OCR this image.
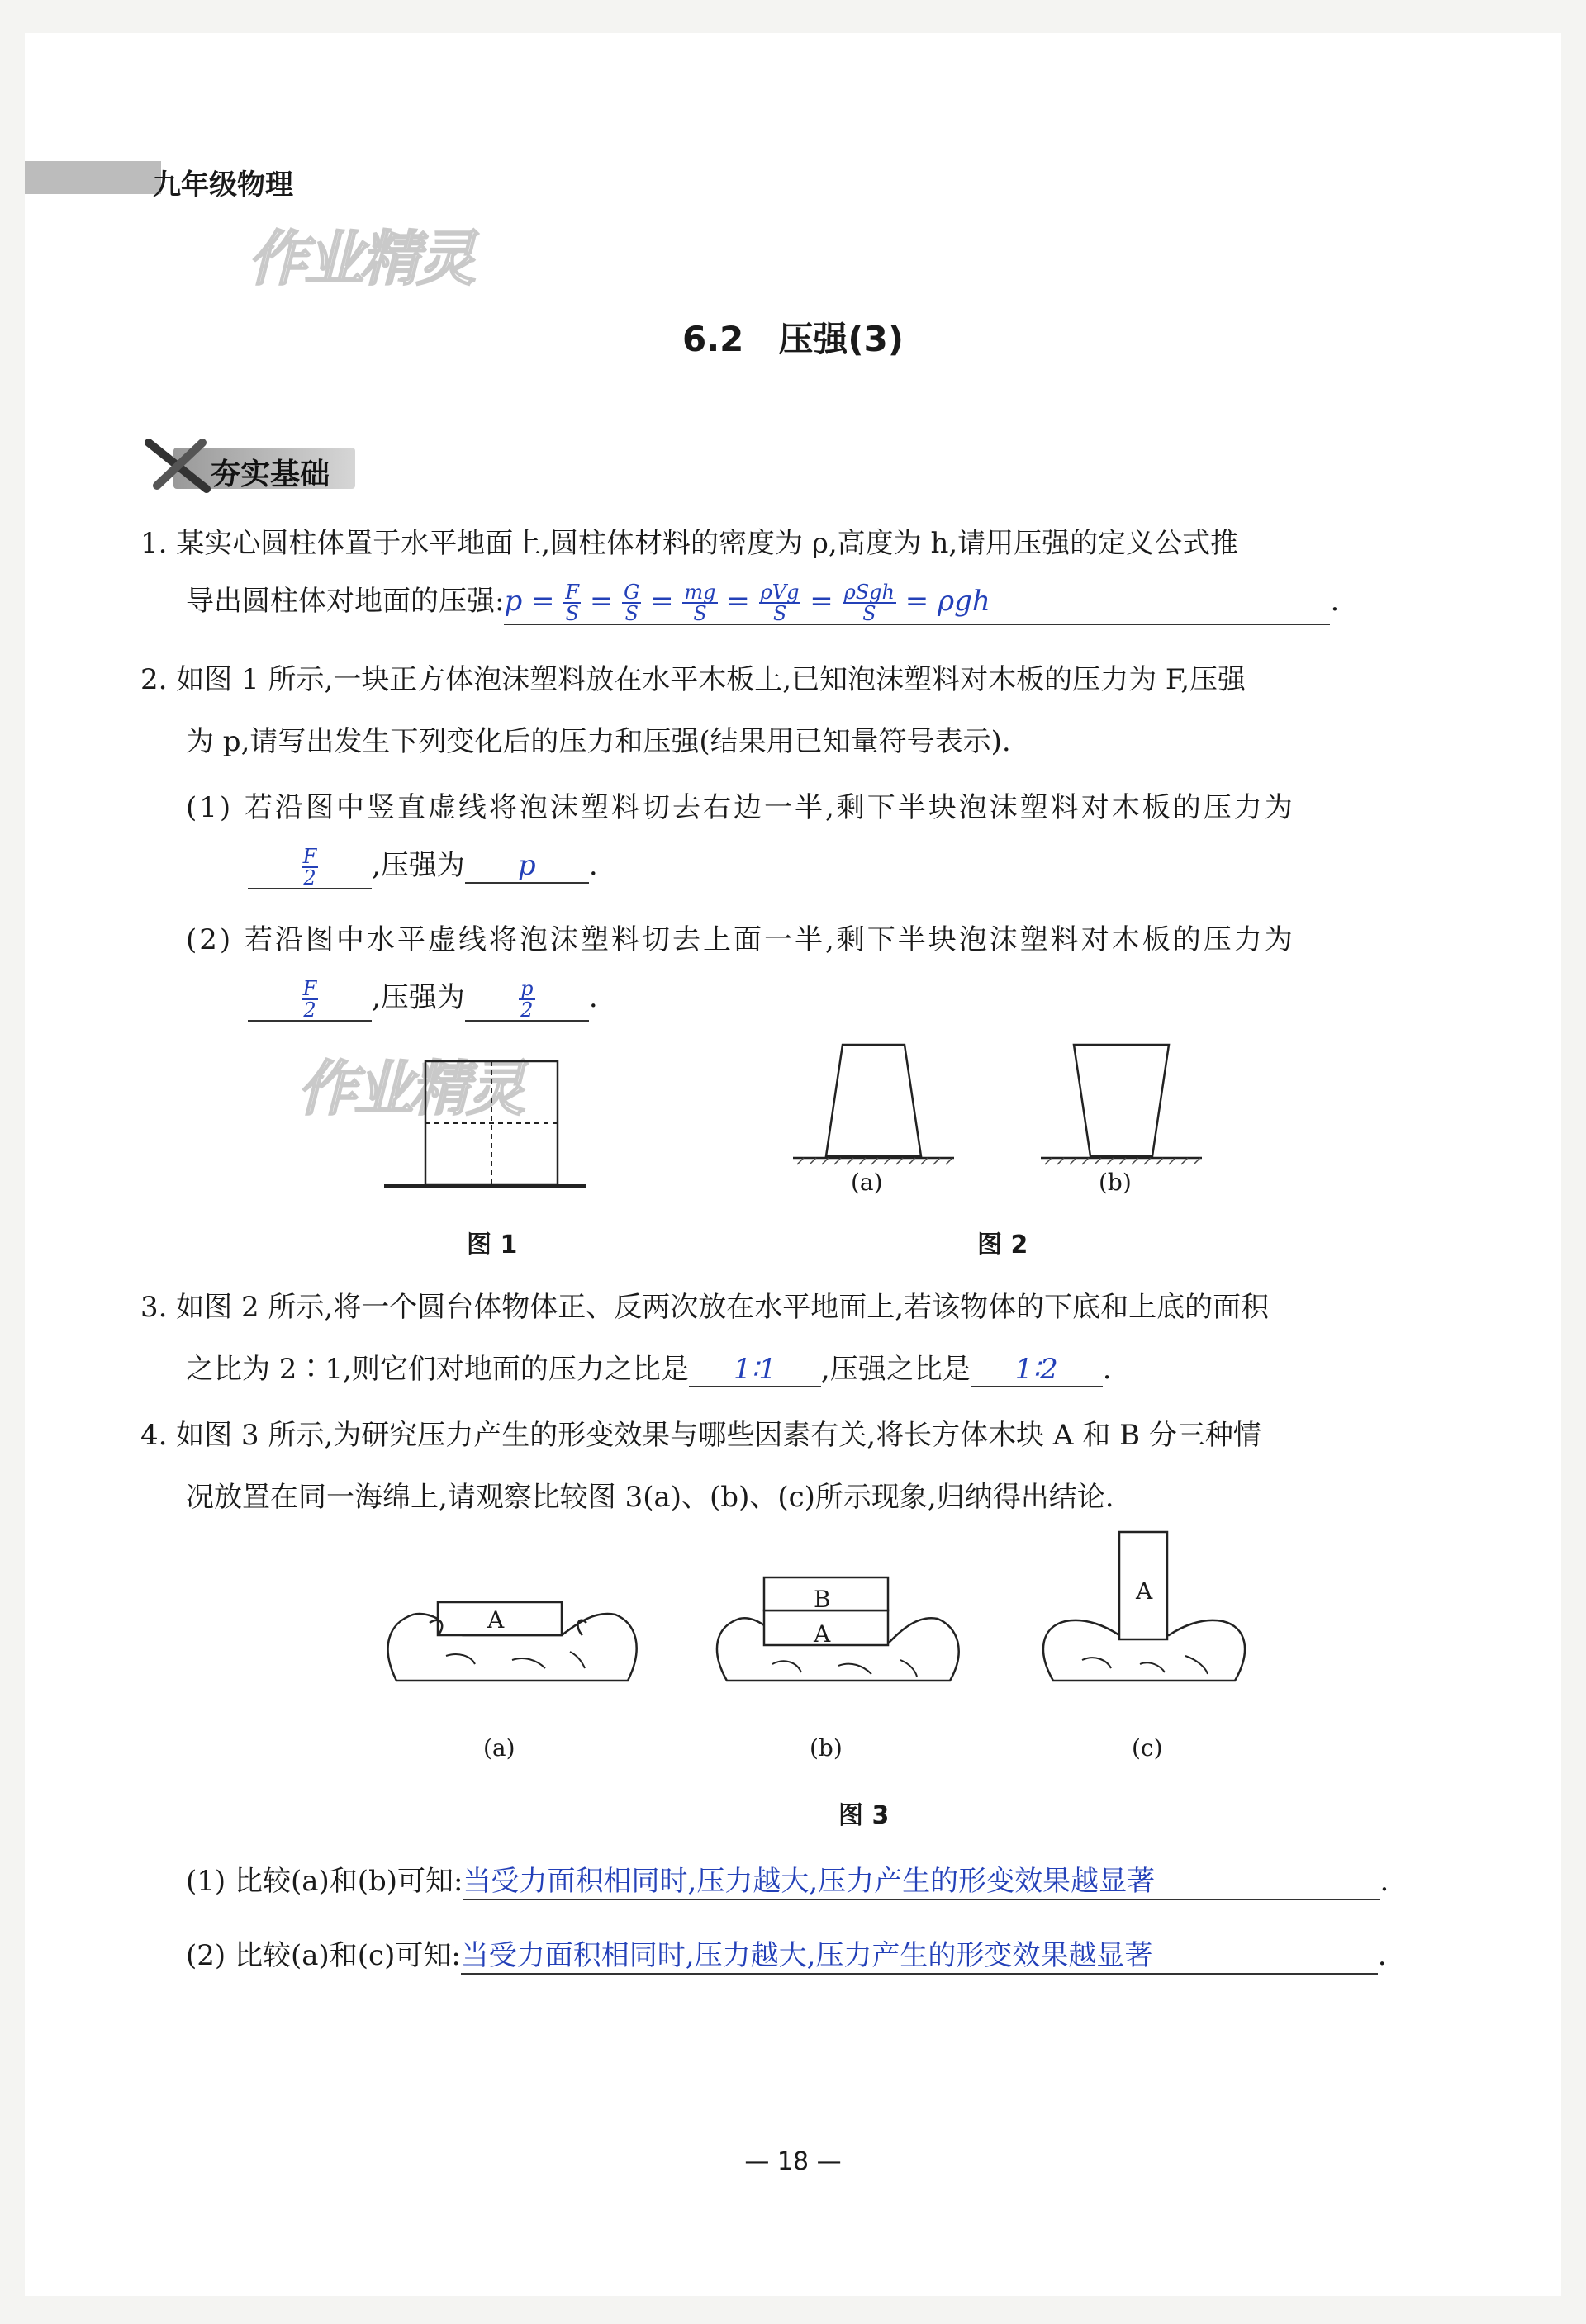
九年级物理
作业精灵
作业精灵
6.2　压强(3)
夯实基础
1. 某实心圆柱体置于水平地面上,圆柱体材料的密度为 ρ,高度为 h,请用压强的定义公式推
导出圆柱体对地面的压强:p = $\frac{F}{S} = \frac{G}{S} = \frac{mg}{S} = \frac{\text{ρVg}}{S} = \frac{\text{ρSgh}}{S} = \rho gh$	.
2. 如图 1 所示,一块正方体泡沫塑料放在水平木板上,已知泡沫塑料对木板的压力为 F,压强
为 p,请写出发生下列变化后的压力和压强(结果用已知量符号表示).
(1) 若沿图中竖直虚线将泡沫塑料切去右边一半,剩下半块泡沫塑料对木板的压力为
$\frac{F}{2}$ ,压强为 p .
(2) 若沿图中水平虚线将泡沫塑料切去上面一半,剩下半块泡沫塑料对木板的压力为
$\frac{F}{2}$ ,压强为	$\frac{p}{2}$ .
图 1
(a)	(b)
图 2
3. 如图 2 所示,将一个圆台体物体正、反两次放在水平地面上,若该物体的下底和上底的面积
之比为 2∶1,则它们对地面的压力之比是 1∶1 ,压强之比是 1∶2 .
4. 如图 3 所示,为研究压力产生的形变效果与哪些因素有关,将长方体木块 A 和 B 分三种情
况放置在同一海绵上,请观察比较图 3(a)、(b)、(c)所示现象,归纳得出结论.
A
B
A
A
(a)	(b)	(c)
图 3
(1) 比较(a)和(b)可知:当受力面积相同时,压力越大,压力产生的形变效果越显著	.
(2) 比较(a)和(c)可知:当受力面积相同时,压力越大,压力产生的形变效果越显著	.
— 18 —
